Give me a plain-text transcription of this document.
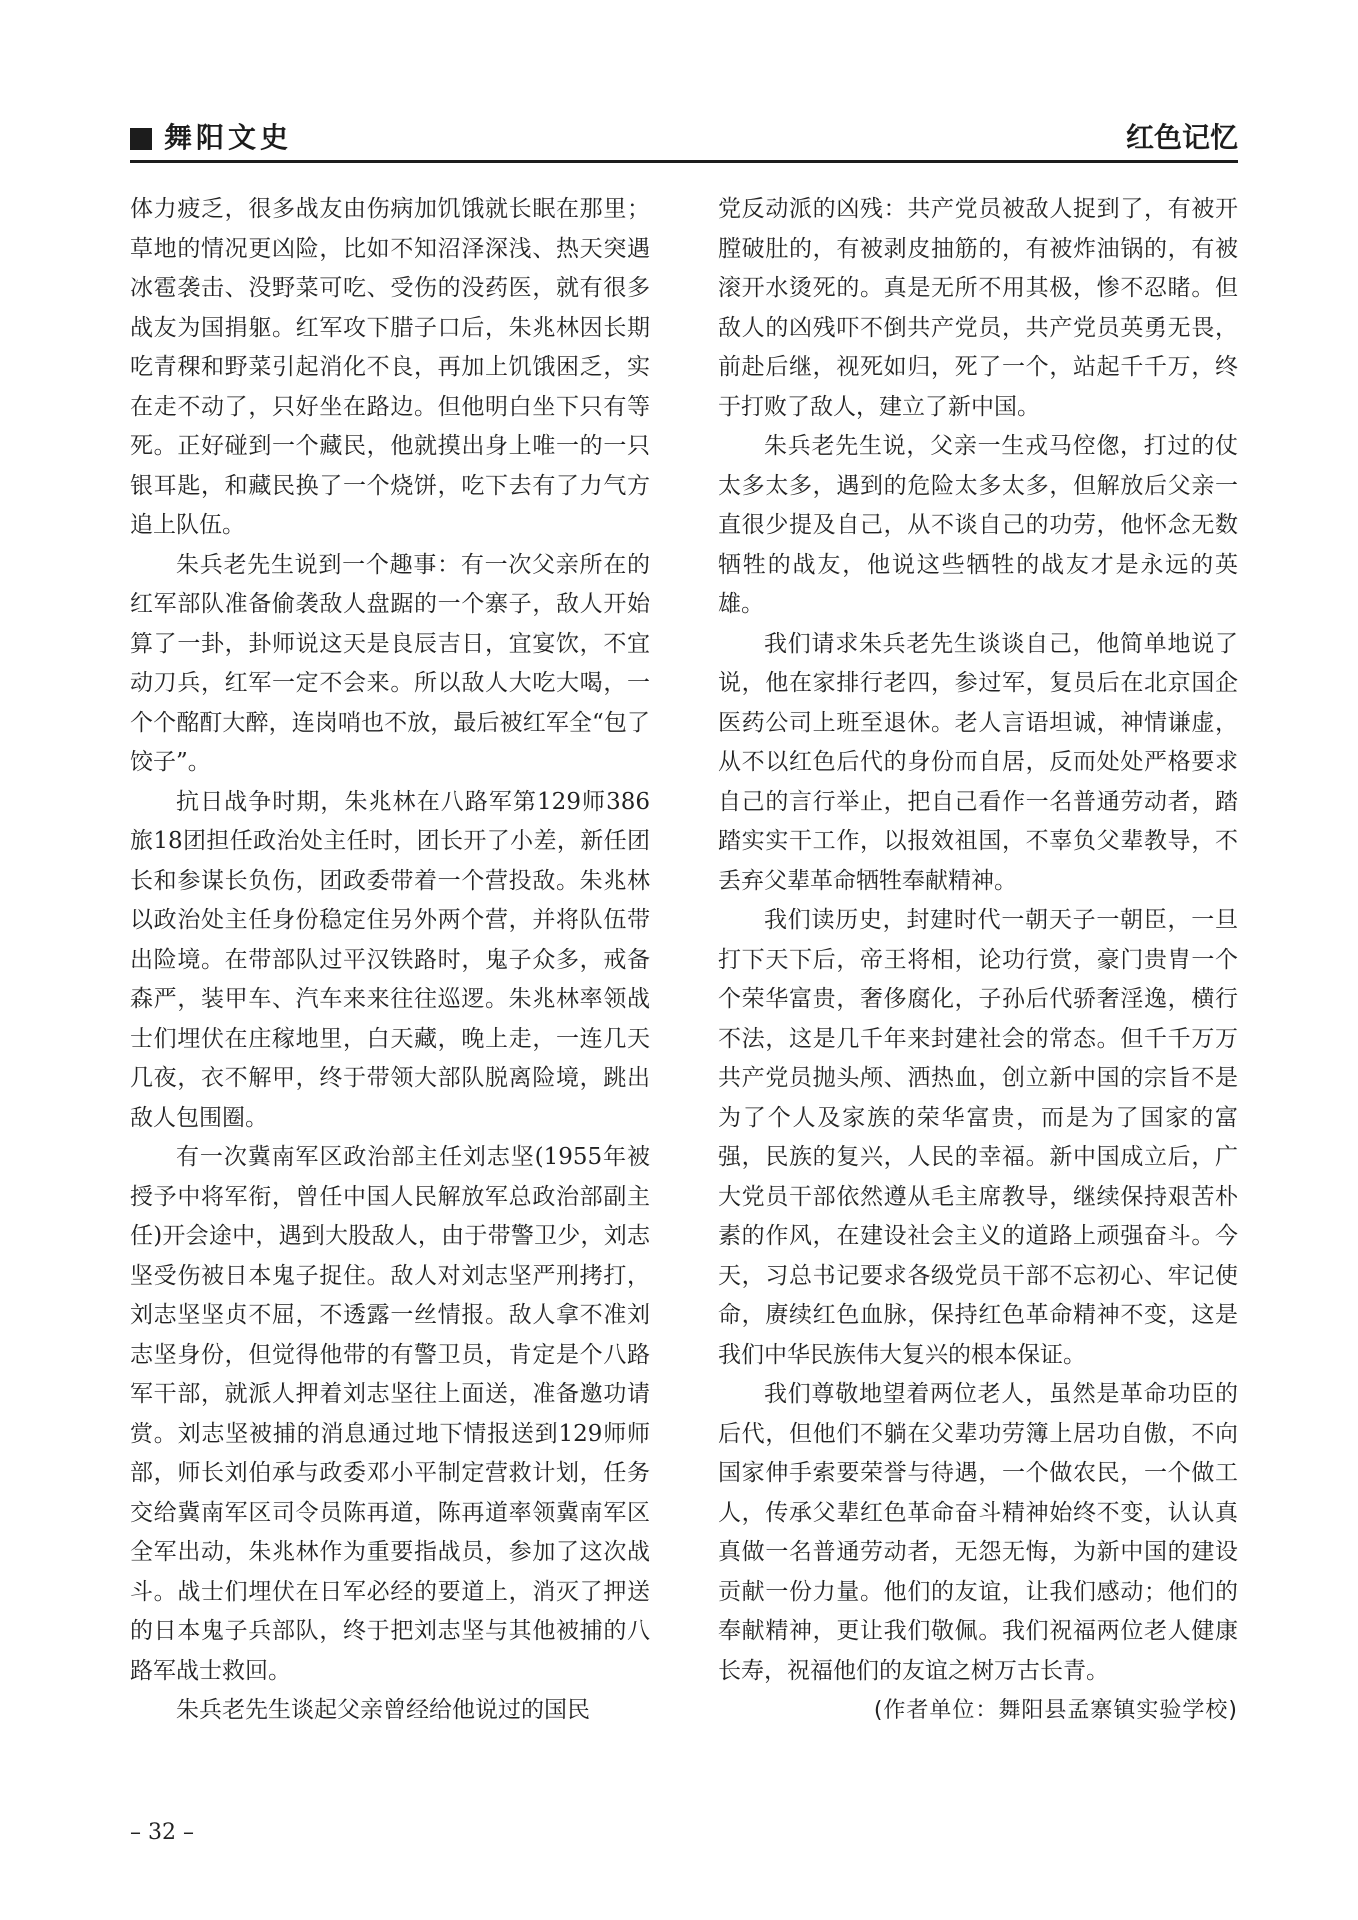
舞阳文史	红色记忆

体力疲乏，很多战友由伤病加饥饿就长眠在那里；草地的情况更凶险，比如不知沼泽深浅、热天突遇冰雹袭击、没野菜可吃、受伤的没药医，就有很多战友为国捐躯。红军攻下腊子口后，朱兆林因长期吃青稞和野菜引起消化不良，再加上饥饿困乏，实在走不动了，只好坐在路边。但他明白坐下只有等死。正好碰到一个藏民，他就摸出身上唯一的一只银耳匙，和藏民换了一个烧饼，吃下去有了力气方追上队伍。

朱兵老先生说到一个趣事：有一次父亲所在的红军部队准备偷袭敌人盘踞的一个寨子，敌人开始算了一卦，卦师说这天是良辰吉日，宜宴饮，不宜动刀兵，红军一定不会来。所以敌人大吃大喝，一个个酩酊大醉，连岗哨也不放，最后被红军全“包了饺子”。

抗日战争时期，朱兆林在八路军第129师386旅18团担任政治处主任时，团长开了小差，新任团长和参谋长负伤，团政委带着一个营投敌。朱兆林以政治处主任身份稳定住另外两个营，并将队伍带出险境。在带部队过平汉铁路时，鬼子众多，戒备森严，装甲车、汽车来来往往巡逻。朱兆林率领战士们埋伏在庄稼地里，白天藏，晚上走，一连几天几夜，衣不解甲，终于带领大部队脱离险境，跳出敌人包围圈。

有一次冀南军区政治部主任刘志坚(1955年被授予中将军衔，曾任中国人民解放军总政治部副主任)开会途中，遇到大股敌人，由于带警卫少，刘志坚受伤被日本鬼子捉住。敌人对刘志坚严刑拷打，刘志坚坚贞不屈，不透露一丝情报。敌人拿不准刘志坚身份，但觉得他带的有警卫员，肯定是个八路军干部，就派人押着刘志坚往上面送，准备邀功请赏。刘志坚被捕的消息通过地下情报送到129师师部，师长刘伯承与政委邓小平制定营救计划，任务交给冀南军区司令员陈再道，陈再道率领冀南军区全军出动，朱兆林作为重要指战员，参加了这次战斗。战士们埋伏在日军必经的要道上，消灭了押送的日本鬼子兵部队，终于把刘志坚与其他被捕的八路军战士救回。

朱兵老先生谈起父亲曾经给他说过的国民

党反动派的凶残：共产党员被敌人捉到了，有被开膛破肚的，有被剥皮抽筋的，有被炸油锅的，有被滚开水烫死的。真是无所不用其极，惨不忍睹。但敌人的凶残吓不倒共产党员，共产党员英勇无畏，前赴后继，视死如归，死了一个，站起千千万，终于打败了敌人，建立了新中国。

朱兵老先生说，父亲一生戎马倥偬，打过的仗太多太多，遇到的危险太多太多，但解放后父亲一直很少提及自己，从不谈自己的功劳，他怀念无数牺牲的战友，他说这些牺牲的战友才是永远的英雄。

我们请求朱兵老先生谈谈自己，他简单地说了说，他在家排行老四，参过军，复员后在北京国企医药公司上班至退休。老人言语坦诚，神情谦虚，从不以红色后代的身份而自居，反而处处严格要求自己的言行举止，把自己看作一名普通劳动者，踏踏实实干工作，以报效祖国，不辜负父辈教导，不丢弃父辈革命牺牲奉献精神。

我们读历史，封建时代一朝天子一朝臣，一旦打下天下后，帝王将相，论功行赏，豪门贵胄一个个荣华富贵，奢侈腐化，子孙后代骄奢淫逸，横行不法，这是几千年来封建社会的常态。但千千万万共产党员抛头颅、洒热血，创立新中国的宗旨不是为了个人及家族的荣华富贵，而是为了国家的富强，民族的复兴，人民的幸福。新中国成立后，广大党员干部依然遵从毛主席教导，继续保持艰苦朴素的作风，在建设社会主义的道路上顽强奋斗。今天，习总书记要求各级党员干部不忘初心、牢记使命，赓续红色血脉，保持红色革命精神不变，这是我们中华民族伟大复兴的根本保证。

我们尊敬地望着两位老人，虽然是革命功臣的后代，但他们不躺在父辈功劳簿上居功自傲，不向国家伸手索要荣誉与待遇，一个做农民，一个做工人，传承父辈红色革命奋斗精神始终不变，认认真真做一名普通劳动者，无怨无悔，为新中国的建设贡献一份力量。他们的友谊，让我们感动；他们的奉献精神，更让我们敬佩。我们祝福两位老人健康长寿，祝福他们的友谊之树万古长青。

(作者单位：舞阳县孟寨镇实验学校)

– 32 –
